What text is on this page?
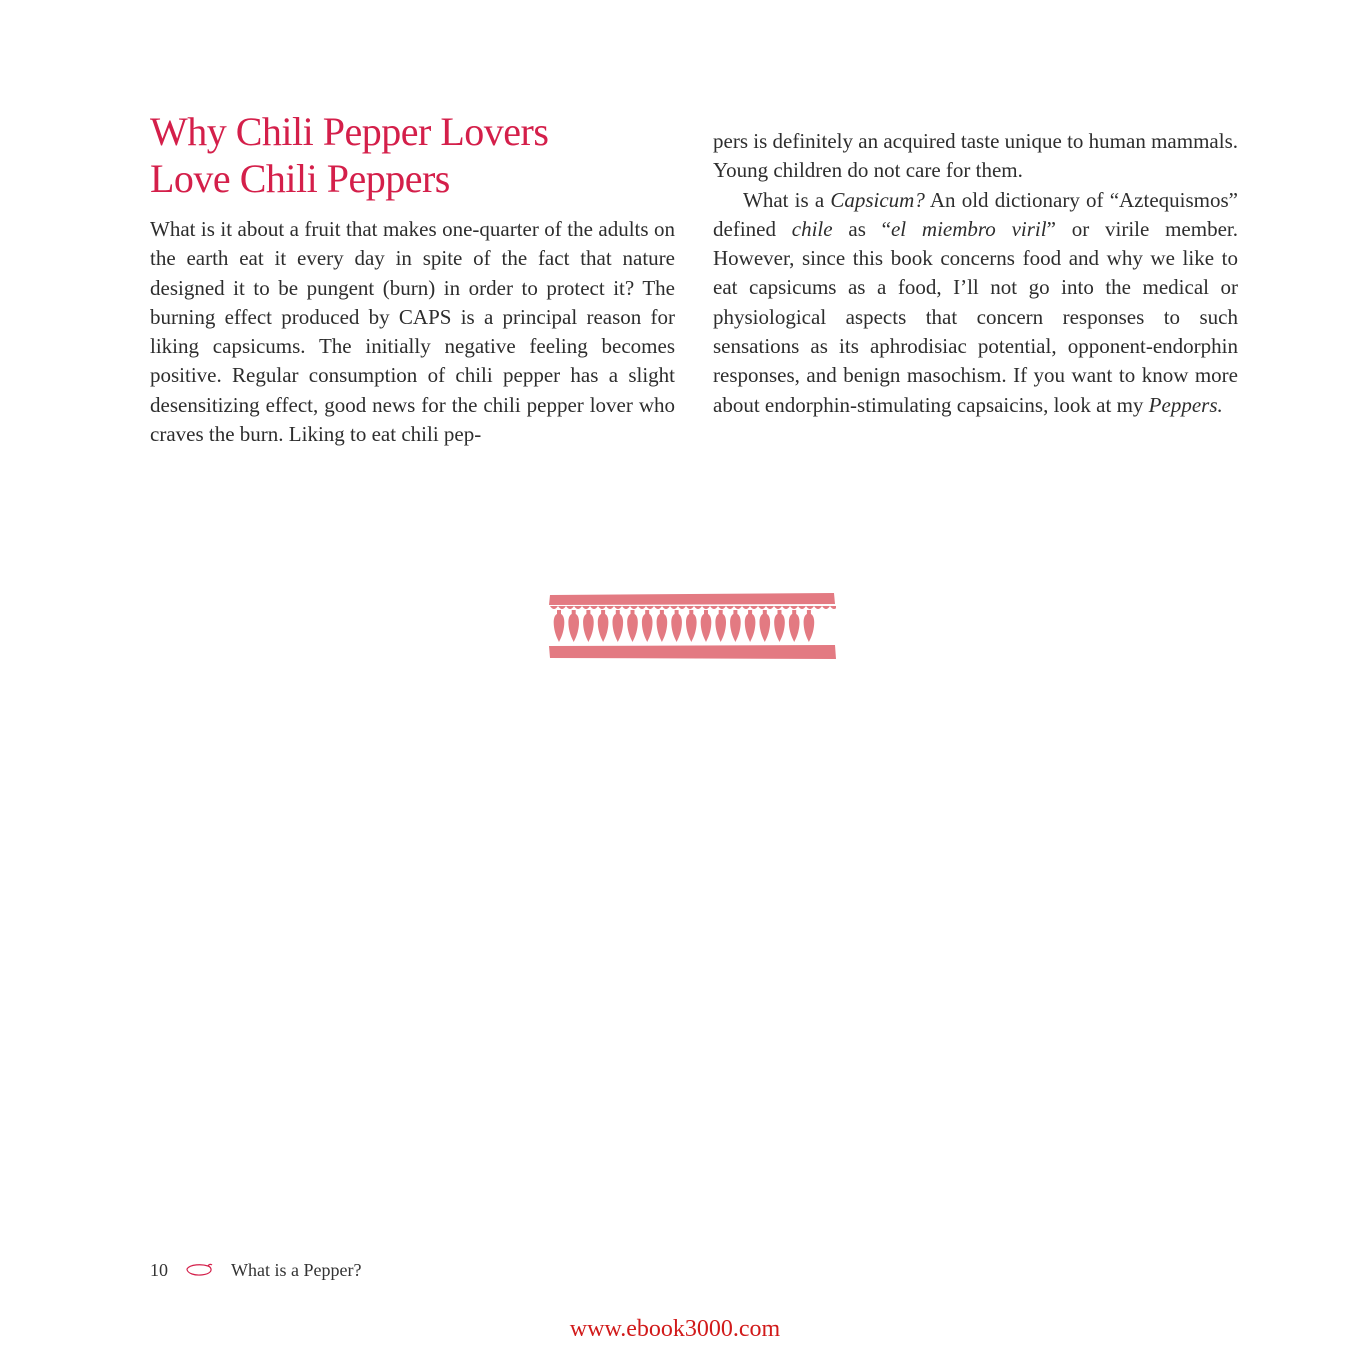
Why Chili Pepper Lovers
Love Chili Peppers

What is it about a fruit that makes one-quarter of the adults on the earth eat it every day in spite of the fact that nature designed it to be pungent (burn) in order to protect it? The burning effect produced by CAPS is a principal reason for liking capsicums. The initially negative feeling becomes positive. Regular consumption of chili pepper has a slight desensitizing effect, good news for the chili pepper lover who craves the burn. Liking to eat chili pep-

pers is definitely an acquired taste unique to human mammals. Young children do not care for them.

What is a Capsicum? An old dictionary of “Aztequismos” defined chile as “el miembro viril” or virile member. However, since this book concerns food and why we like to eat capsicums as a food, I’ll not go into the medical or physiological aspects that concern responses to such sensations as its aphrodisiac potential, opponent-endorphin responses, and benign masochism. If you want to know more about endorphin-stimulating capsaicins, look at my Peppers.

10	What is a Pepper?
www.ebook3000.com
